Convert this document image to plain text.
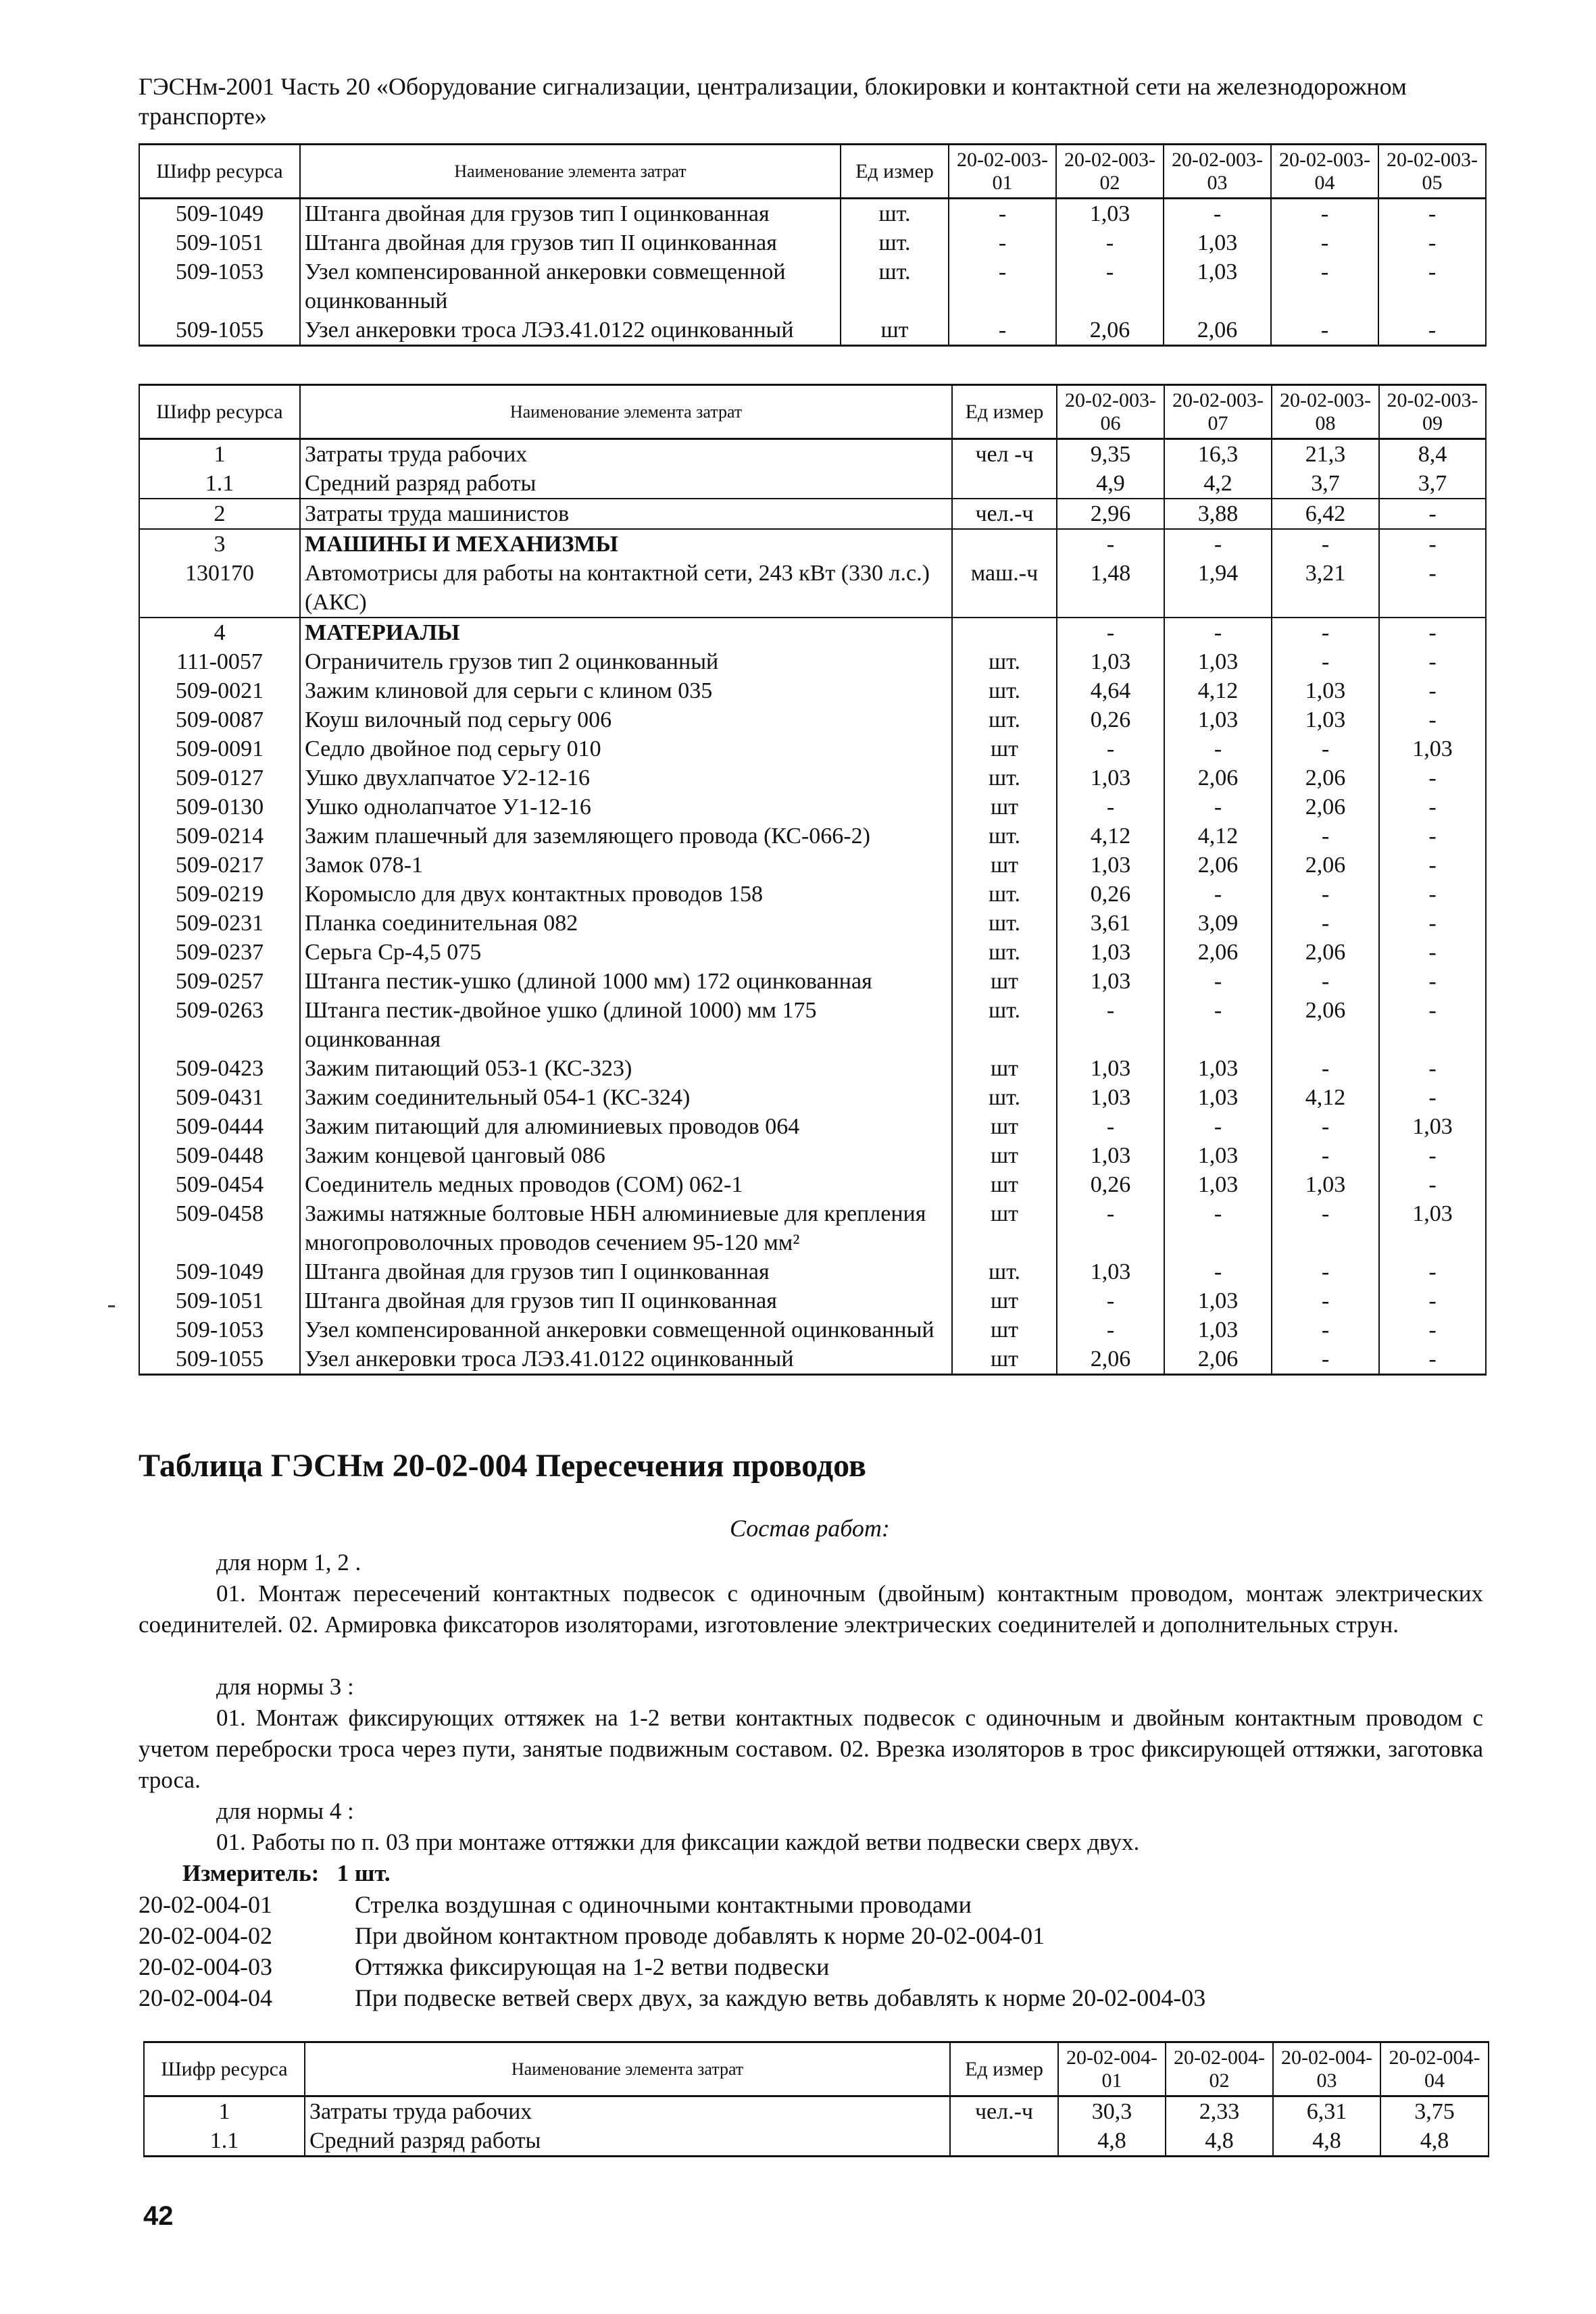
ГЭСНм-2001 Часть 20 «Оборудование сигнализации, централизации, блокировки и контактной сети на железнодорожном транспорте»
Шифр ресурса	Наименование элемента затрат	Ед измер	20-02-003-01	20-02-003-02	20-02-003-03	20-02-003-04	20-02-003-05
509-1049	Штанга двойная для грузов тип I оцинкованная	шт.	-	1,03	-	-	-
509-1051	Штанга двойная для грузов тип II оцинкованная	шт.	-	-	1,03	-	-
509-1053	Узел компенсированной анкеровки совмещенной оцинкованный	шт.	-	-	1,03	-	-
509-1055	Узел анкеровки троса ЛЭЗ.41.0122 оцинкованный	шт	-	2,06	2,06	-	-
Шифр ресурса	Наименование элемента затрат	Ед измер	20-02-003-06	20-02-003-07	20-02-003-08	20-02-003-09
1	Затраты труда рабочих	чел -ч	9,35	16,3	21,3	8,4
1.1	Средний разряд работы		4,9	4,2	3,7	3,7
2	Затраты труда машинистов	чел.-ч	2,96	3,88	6,42	-
3	МАШИНЫ И МЕХАНИЗМЫ		-	-	-	-
130170	Автомотрисы для работы на контактной сети, 243 кВт (330 л.с.) (АКС)	маш.-ч	1,48	1,94	3,21	-
4	МАТЕРИАЛЫ		-	-	-	-
111-0057	Ограничитель грузов тип 2 оцинкованный	шт.	1,03	1,03	-	-
509-0021	Зажим клиновой для серьги с клином 035	шт.	4,64	4,12	1,03	-
509-0087	Коуш вилочный под серьгу 006	шт.	0,26	1,03	1,03	-
509-0091	Седло двойное под серьгу 010	шт	-	-	-	1,03
509-0127	Ушко двухлапчатое У2-12-16	шт.	1,03	2,06	2,06	-
509-0130	Ушко однолапчатое У1-12-16	шт	-	-	2,06	-
509-0214	Зажим плашечный для заземляющего провода (КС-066-2)	шт.	4,12	4,12	-	-
509-0217	Замок 078-1	шт	1,03	2,06	2,06	-
509-0219	Коромысло для двух контактных проводов 158	шт.	0,26	-	-	-
509-0231	Планка соединительная 082	шт.	3,61	3,09	-	-
509-0237	Серьга Ср-4,5 075	шт.	1,03	2,06	2,06	-
509-0257	Штанга пестик-ушко (длиной 1000 мм) 172 оцинкованная	шт	1,03	-	-	-
509-0263	Штанга пестик-двойное ушко (длиной 1000) мм 175 оцинкованная	шт.	-	-	2,06	-
509-0423	Зажим питающий 053-1 (КС-323)	шт	1,03	1,03	-	-
509-0431	Зажим соединительный 054-1 (КС-324)	шт.	1,03	1,03	4,12	-
509-0444	Зажим питающий для алюминиевых проводов 064	шт	-	-	-	1,03
509-0448	Зажим концевой цанговый 086	шт	1,03	1,03	-	-
509-0454	Соединитель медных проводов (СОМ) 062-1	шт	0,26	1,03	1,03	-
509-0458	Зажимы натяжные болтовые НБН алюминиевые для крепления многопроволочных проводов сечением 95-120 мм²	шт	-	-	-	1,03
509-1049	Штанга двойная для грузов тип I оцинкованная	шт.	1,03	-	-	-
509-1051	Штанга двойная для грузов тип II оцинкованная	шт	-	1,03	-	-
509-1053	Узел компенсированной анкеровки совмещенной оцинкованный	шт	-	1,03	-	-
509-1055	Узел анкеровки троса ЛЭЗ.41.0122 оцинкованный	шт	2,06	2,06	-	-
Таблица ГЭСНм 20-02-004 Пересечения проводов
Состав работ:
для норм 1, 2 .
01. Монтаж пересечений контактных подвесок с одиночным (двойным) контактным проводом, монтаж электрических соединителей. 02. Армировка фиксаторов изоляторами, изготовление электрических соединителей и дополнительных струн.
для нормы 3 :
01. Монтаж фиксирующих оттяжек на 1-2 ветви контактных подвесок с одиночным и двойным контактным проводом с учетом переброски троса через пути, занятые подвижным составом. 02. Врезка изоляторов в трос фиксирующей оттяжки, заготовка троса.
для нормы 4 :
01. Работы по п. 03 при монтаже оттяжки для фиксации каждой ветви подвески сверх двух.
Измеритель:   1 шт.
20-02-004-01	Стрелка воздушная с одиночными контактными проводами
20-02-004-02	При двойном контактном проводе добавлять к норме 20-02-004-01
20-02-004-03	Оттяжка фиксирующая на 1-2 ветви подвески
20-02-004-04	При подвеске ветвей сверх двух, за каждую ветвь добавлять к норме 20-02-004-03
Шифр ресурса	Наименование элемента затрат	Ед измер	20-02-004-01	20-02-004-02	20-02-004-03	20-02-004-04
1	Затраты труда рабочих	чел.-ч	30,3	2,33	6,31	3,75
1.1	Средний разряд работы		4,8	4,8	4,8	4,8
42
